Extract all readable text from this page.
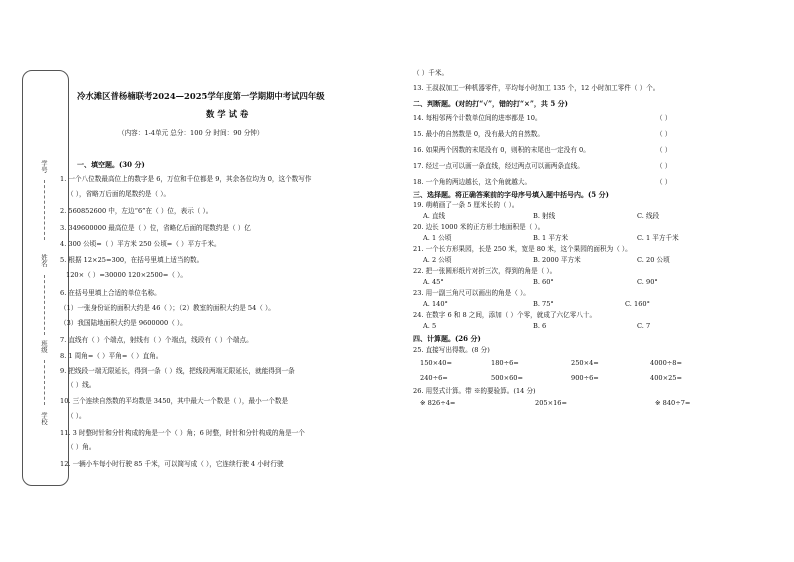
学号
姓名
班级
学校
冷水滩区普杨楠联考2024—2025学年度第一学期期中考试四年级
数 学 试 卷
（内容：1-4单元 总分：100 分 时间：90 分钟）
一、填空题。(30 分)
1. 一个八位数最高位上的数字是 6，万位和千位都是 9，其余各位均为 0，这个数写作
（ ），省略万后面的尾数约是（ ）。
2. 560852600 中，左边“6”在（ ）位，表示（ ）。
3. 349600000 最高位是（ ）位，省略亿后面的尾数约是（ ）亿
4. 300 公顷=（ ）平方米 250 公顷=（ ）平方千米。
5. 根据 12×25=300，在括号里填上适当的数。
120×（ ）=30000 120×2500=（ ）。
6. 在括号里填上合适的单位名称。
（1）一张身份证的面积大约是 46（ ）；（2）教室的面积大约是 54（ ）。
（3）我国陆地面积大约是 9600000（ ）。
7. 直线有（ ）个端点，射线有（ ）个端点，线段有（ ）个端点。
8. 1 周角=（ ）平角=（ ）直角。
9. 把线段一端无限延长，得到一条（ ）线，把线段两端无限延长，就能得到一条
（ ）线。
10. 三个连续自然数的平均数是 3450，其中最大一个数是（ ），最小一个数是
（ ）。
11. 3 时整时针和分针构成的角是一个（ ）角；6 时整，时针和分针构成的角是一个
（ ）角。
12. 一辆小车每小时行驶 85 千米，可以简写成（ ），它连续行驶 4 小时行驶
（ ）千米。
13. 王叔叔加工一种机器零件，平均每小时加工 135 个，12 小时加工零件（ ）个。
二、判断题。(对的打“√”，错的打“×”，共 5 分)
14. 每相邻两个计数单位间的进率都是 10。	（ ）
15. 最小的自然数是 0，没有最大的自然数。	（ ）
16. 如果两个因数的末尾没有 0，则积的末尾也一定没有 0。	（ ）
17. 经过一点可以画一条直线，经过两点可以画两条直线。	（ ）
18. 一个角的两边越长，这个角就越大。	（ ）
三、选择题。将正确答案前的字母序号填入题中括号内。(5 分)
19. 萌萌画了一条 5 厘米长的（ ）。
A. 直线	B. 射线	C. 线段
20. 边长 1000 米的正方形土地面积是（ ）。
A. 1 公顷	B. 1 平方米	C. 1 平方千米
21. 一个长方形果园，长是 250 米，宽是 80 米，这个果园的面积为（ ）。
A. 2 公顷	B. 2000 平方米	C. 20 公顷
22. 把一张圆形纸片对折三次，得到的角是（ ）。
A. 45°	B. 60°	C. 90°
23. 用一副三角尺可以画出的角是（ ）。
A. 140°	B. 75°	C. 160°
24. 在数字 6 和 8 之间，添加（ ）个零，就成了六亿零八十。
A. 5	B. 6	C. 7
四、计算题。(26 分)
25. 直接写出得数。(8 分)
150×40=	180÷6=	250×4=	4000÷8=
240÷6=	500×60=	900÷6=	400×25=
26. 用竖式计算。带 ※的要验算。(14 分)
※ 826÷4=	205×16=	※ 840÷7=
